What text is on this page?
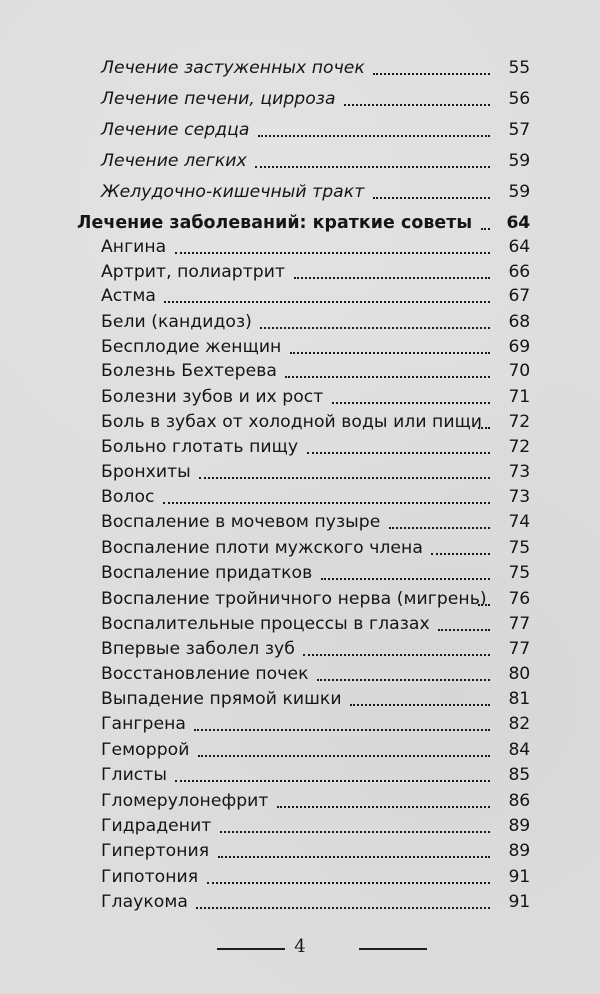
Лечение застуженных почек	55
Лечение печени, цирроза	56
Лечение сердца	57
Лечение легких	59
Желудочно-кишечный тракт	59
Лечение заболеваний: краткие советы	64
Ангина	64
Артрит, полиартрит	66
Астма	67
Бели (кандидоз)	68
Бесплодие женщин	69
Болезнь Бехтерева	70
Болезни зубов и их рост	71
Боль в зубах от холодной воды или пищи	72
Больно глотать пищу	72
Бронхиты	73
Волос	73
Воспаление в мочевом пузыре	74
Воспаление плоти мужского члена	75
Воспаление придатков	75
Воспаление тройничного нерва (мигрень)	76
Воспалительные процессы в глазах	77
Впервые заболел зуб	77
Восстановление почек	80
Выпадение прямой кишки	81
Гангрена	82
Геморрой	84
Глисты	85
Гломерулонефрит	86
Гидраденит	89
Гипертония	89
Гипотония	91
Глаукома	91
4
